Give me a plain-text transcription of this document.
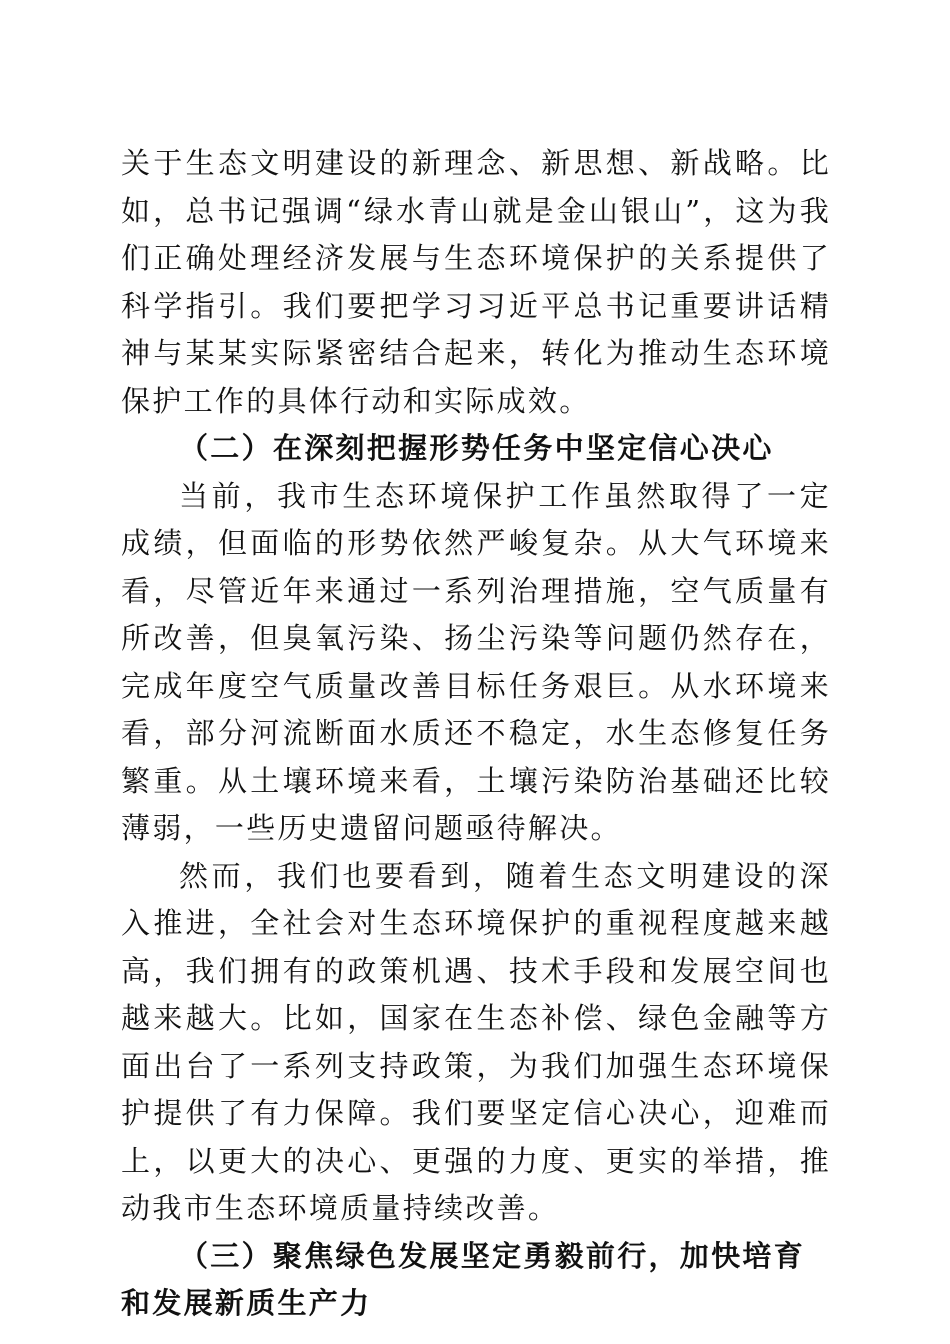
关于生态文明建设的新理念、新思想、新战略。比如，总书记强调“绿水青山就是金山银山”，这为我们正确处理经济发展与生态环境保护的关系提供了科学指引。我们要把学习习近平总书记重要讲话精神与某某实际紧密结合起来，转化为推动生态环境保护工作的具体行动和实际成效。

（二）在深刻把握形势任务中坚定信心决心

当前，我市生态环境保护工作虽然取得了一定成绩，但面临的形势依然严峻复杂。从大气环境来看，尽管近年来通过一系列治理措施，空气质量有所改善，但臭氧污染、扬尘污染等问题仍然存在，完成年度空气质量改善目标任务艰巨。从水环境来看，部分河流断面水质还不稳定，水生态修复任务繁重。从土壤环境来看，土壤污染防治基础还比较薄弱，一些历史遗留问题亟待解决。

然而，我们也要看到，随着生态文明建设的深入推进，全社会对生态环境保护的重视程度越来越高，我们拥有的政策机遇、技术手段和发展空间也越来越大。比如，国家在生态补偿、绿色金融等方面出台了一系列支持政策，为我们加强生态环境保护提供了有力保障。我们要坚定信心决心，迎难而上，以更大的决心、更强的力度、更实的举措，推动我市生态环境质量持续改善。

（三）聚焦绿色发展坚定勇毅前行，加快培育和发展新质生产力
